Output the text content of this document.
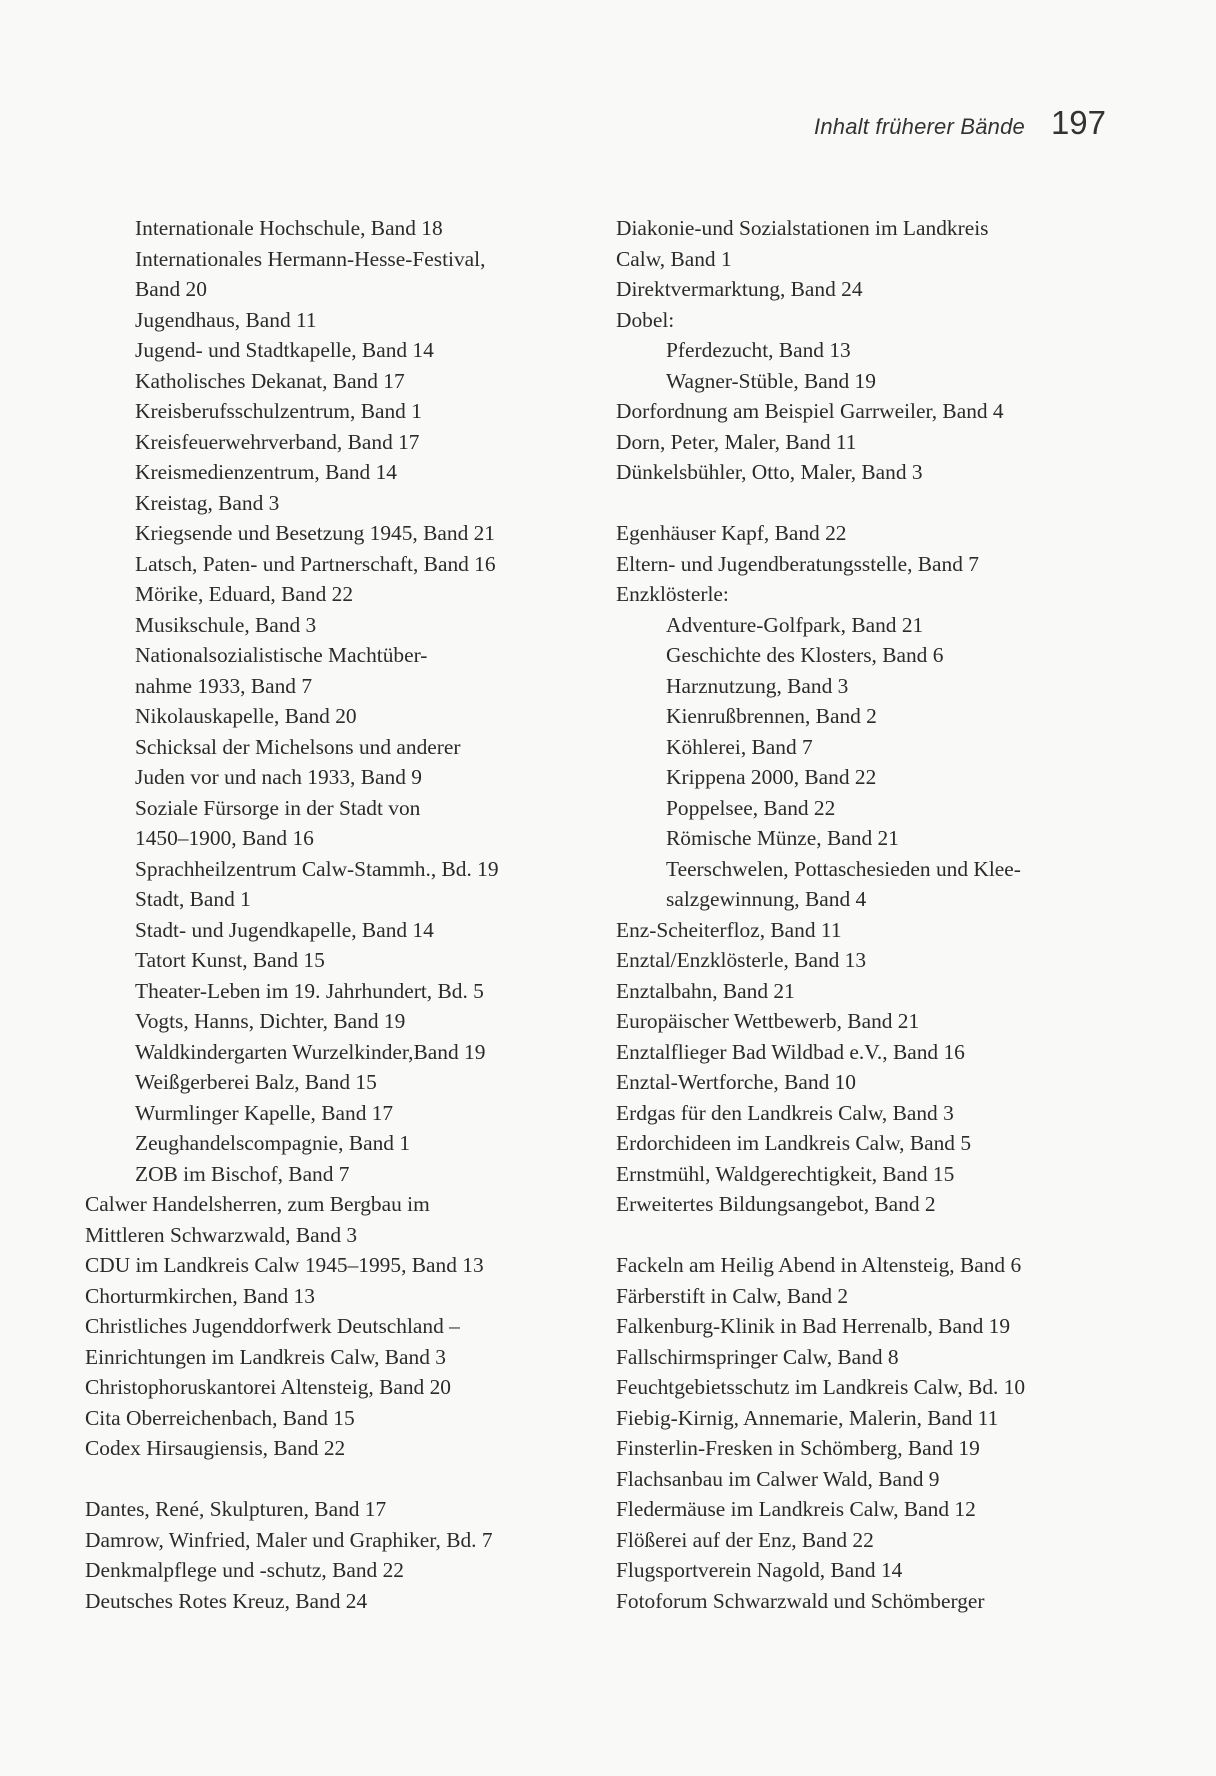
Inhalt früherer Bände 197
Internationale Hochschule, Band 18
Internationales Hermann-Hesse-Festival,
Band 20
Jugendhaus, Band 11
Jugend- und Stadtkapelle, Band 14
Katholisches Dekanat, Band 17
Kreisberufsschulzentrum, Band 1
Kreisfeuerwehrverband, Band 17
Kreismedienzentrum, Band 14
Kreistag, Band 3
Kriegsende und Besetzung 1945, Band 21
Latsch, Paten- und Partnerschaft, Band 16
Mörike, Eduard, Band 22
Musikschule, Band 3
Nationalsozialistische Machtüber-
nahme 1933, Band 7
Nikolauskapelle, Band 20
Schicksal der Michelsons und anderer
Juden vor und nach 1933, Band 9
Soziale Fürsorge in der Stadt von
1450–1900, Band 16
Sprachheilzentrum Calw-Stammh., Bd. 19
Stadt, Band 1
Stadt- und Jugendkapelle, Band 14
Tatort Kunst, Band 15
Theater-Leben im 19. Jahrhundert, Bd. 5
Vogts, Hanns, Dichter, Band 19
Waldkindergarten Wurzelkinder,Band 19
Weißgerberei Balz, Band 15
Wurmlinger Kapelle, Band 17
Zeughandelscompagnie, Band 1
ZOB im Bischof, Band 7
Calwer Handelsherren, zum Bergbau im
Mittleren Schwarzwald, Band 3
CDU im Landkreis Calw 1945–1995, Band 13
Chorturmkirchen, Band 13
Christliches Jugenddorfwerk Deutschland –
Einrichtungen im Landkreis Calw, Band 3
Christophoruskantorei Altensteig, Band 20
Cita Oberreichenbach, Band 15
Codex Hirsaugiensis, Band 22
Dantes, René, Skulpturen, Band 17
Damrow, Winfried, Maler und Graphiker, Bd. 7
Denkmalpflege und -schutz, Band 22
Deutsches Rotes Kreuz, Band 24
Diakonie-und Sozialstationen im Landkreis
Calw, Band 1
Direktvermarktung, Band 24
Dobel:
Pferdezucht, Band 13
Wagner-Stüble, Band 19
Dorfordnung am Beispiel Garrweiler, Band 4
Dorn, Peter, Maler, Band 11
Dünkelsbühler, Otto, Maler, Band 3
Egenhäuser Kapf, Band 22
Eltern- und Jugendberatungsstelle, Band 7
Enzklösterle:
Adventure-Golfpark, Band 21
Geschichte des Klosters, Band 6
Harznutzung, Band 3
Kienrußbrennen, Band 2
Köhlerei, Band 7
Krippena 2000, Band 22
Poppelsee, Band 22
Römische Münze, Band 21
Teerschwelen, Pottaschesieden und Klee-
salzgewinnung, Band 4
Enz-Scheiterfloz, Band 11
Enztal/Enzklösterle, Band 13
Enztalbahn, Band 21
Europäischer Wettbewerb, Band 21
Enztalflieger Bad Wildbad e.V., Band 16
Enztal-Wertforche, Band 10
Erdgas für den Landkreis Calw, Band 3
Erdorchideen im Landkreis Calw, Band 5
Ernstmühl, Waldgerechtigkeit, Band 15
Erweitertes Bildungsangebot, Band 2
Fackeln am Heilig Abend in Altensteig, Band 6
Färberstift in Calw, Band 2
Falkenburg-Klinik in Bad Herrenalb, Band 19
Fallschirmspringer Calw, Band 8
Feuchtgebietsschutz im Landkreis Calw, Bd. 10
Fiebig-Kirnig, Annemarie, Malerin, Band 11
Finsterlin-Fresken in Schömberg, Band 19
Flachsanbau im Calwer Wald, Band 9
Fledermäuse im Landkreis Calw, Band 12
Flößerei auf der Enz, Band 22
Flugsportverein Nagold, Band 14
Fotoforum Schwarzwald und Schömberger
